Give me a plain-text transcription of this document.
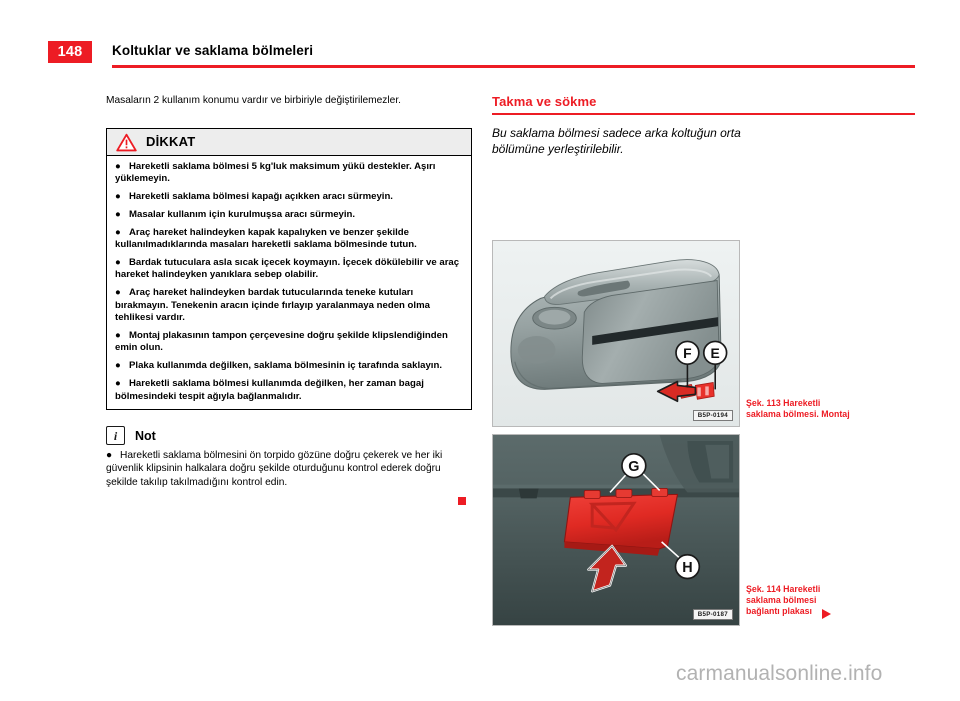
148	Koltuklar ve saklama bölmeleri
Masaların 2 kullanım konumu vardır ve birbiriyle değiştirilemezler.
DİKKAT
● Hareketli saklama bölmesi 5 kg'luk maksimum yükü destekler. Aşırı yüklemeyin.
● Hareketli saklama bölmesi kapağı açıkken aracı sürmeyin.
● Masalar kullanım için kurulmuşsa aracı sürmeyin.
● Araç hareket halindeyken kapak kapalıyken ve benzer şekilde kullanılmadıklarında masaları hareketli saklama bölmesinde tutun.
● Bardak tutuculara asla sıcak içecek koymayın. İçecek dökülebilir ve araç hareket halindeyken yanıklara sebep olabilir.
● Araç hareket halindeyken bardak tutucularında teneke kutuları bırakmayın. Tenekenin aracın içinde fırlayıp yaralanmaya neden olma tehlikesi vardır.
● Montaj plakasının tampon çerçevesine doğru şekilde klipslendiğinden emin olun.
● Plaka kullanımda değilken, saklama bölmesinin iç tarafında saklayın.
● Hareketli saklama bölmesi kullanımda değilken, her zaman bagaj bölmesindeki tespit ağıyla bağlanmalıdır.
i Not
● Hareketli saklama bölmesini ön torpido gözüne doğru çekerek ve her iki güvenlik klipsinin halkalara doğru şekilde oturduğunu kontrol ederek doğru şekilde takılıp takılmadığını kontrol edin.
Takma ve sökme
Bu saklama bölmesi sadece arka koltuğun orta bölümüne yerleştirilebilir.
F E
B5P-0194
Şek. 113 Hareketli saklama bölmesi. Montaj
G
H
B5P-0187
Şek. 114 Hareketli saklama bölmesi bağlantı plakası
carmanualsonline.info
